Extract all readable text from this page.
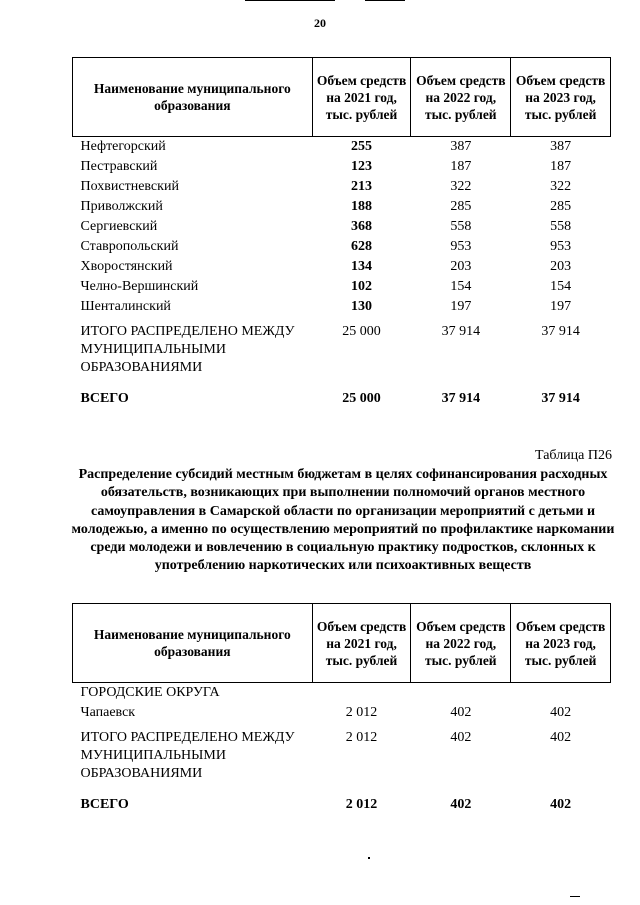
20
Наименование муниципального образования	Объем средств на 2021 год, тыс. рублей	Объем средств на 2022 год, тыс. рублей	Объем средств на 2023 год, тыс. рублей
Нефтегорский	255	387	387
Пестравский	123	187	187
Похвистневский	213	322	322
Приволжский	188	285	285
Сергиевский	368	558	558
Ставропольский	628	953	953
Хворостянский	134	203	203
Челно-Вершинский	102	154	154
Шенталинский	130	197	197
ИТОГО РАСПРЕДЕЛЕНО МЕЖДУ МУНИЦИПАЛЬНЫМИ ОБРАЗОВАНИЯМИ	25 000	37 914	37 914
ВСЕГО	25 000	37 914	37 914
Таблица П26
Распределение субсидий местным бюджетам в целях софинансирования расходных обязательств, возникающих при выполнении полномочий органов местного самоуправления в Самарской области по организации мероприятий с детьми и молодежью, а именно по осуществлению мероприятий по профилактике наркомании среди молодежи и вовлечению в социальную практику подростков, склонных к употреблению наркотических или психоактивных веществ
Наименование муниципального образования	Объем средств на 2021 год, тыс. рублей	Объем средств на 2022 год, тыс. рублей	Объем средств на 2023 год, тыс. рублей
ГОРОДСКИЕ ОКРУГА			
Чапаевск	2 012	402	402
ИТОГО РАСПРЕДЕЛЕНО МЕЖДУ МУНИЦИПАЛЬНЫМИ ОБРАЗОВАНИЯМИ	2 012	402	402
ВСЕГО	2 012	402	402
